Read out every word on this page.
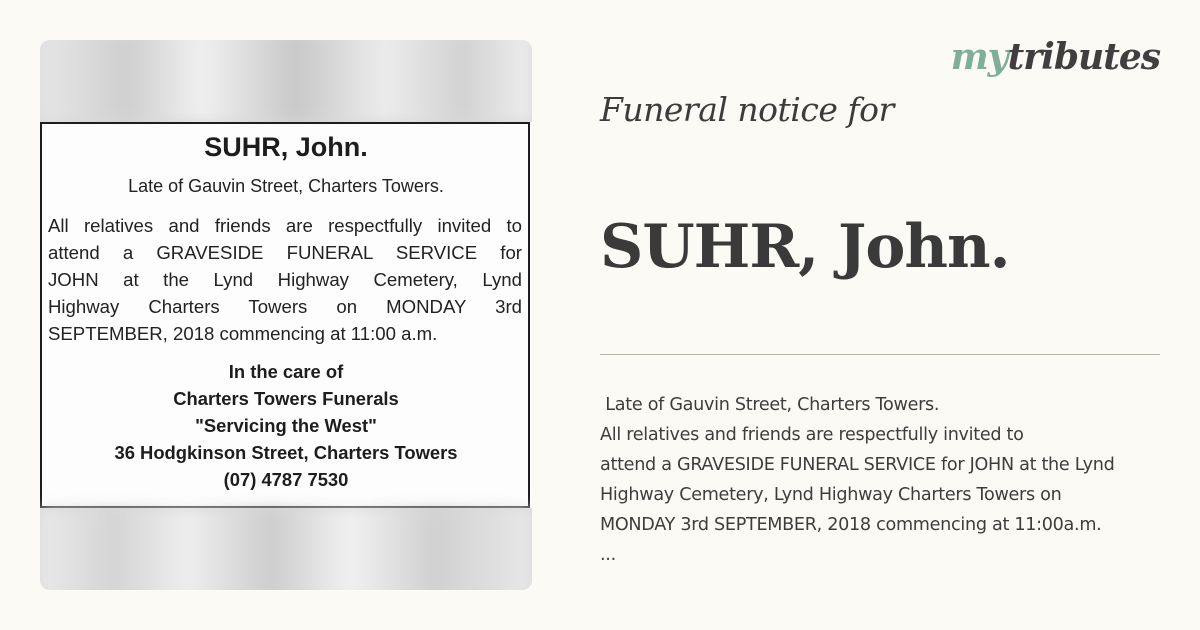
SUHR, John.
Late of Gauvin Street, Charters Towers.
All relatives and friends are respectfully invited to
attend a GRAVESIDE FUNERAL SERVICE for
JOHN at the Lynd Highway Cemetery, Lynd
Highway Charters Towers on MONDAY 3rd
SEPTEMBER, 2018 commencing at 11:00 a.m.
In the care of
Charters Towers Funerals
"Servicing the West"
36 Hodgkinson Street, Charters Towers
(07) 4787 7530
mytributes
Funeral notice for
SUHR, John.
Late of Gauvin Street, Charters Towers.
All relatives and friends are respectfully invited to
attend a GRAVESIDE FUNERAL SERVICE for JOHN at the Lynd
Highway Cemetery, Lynd Highway Charters Towers on
MONDAY 3rd SEPTEMBER, 2018 commencing at 11:00a.m.
...
